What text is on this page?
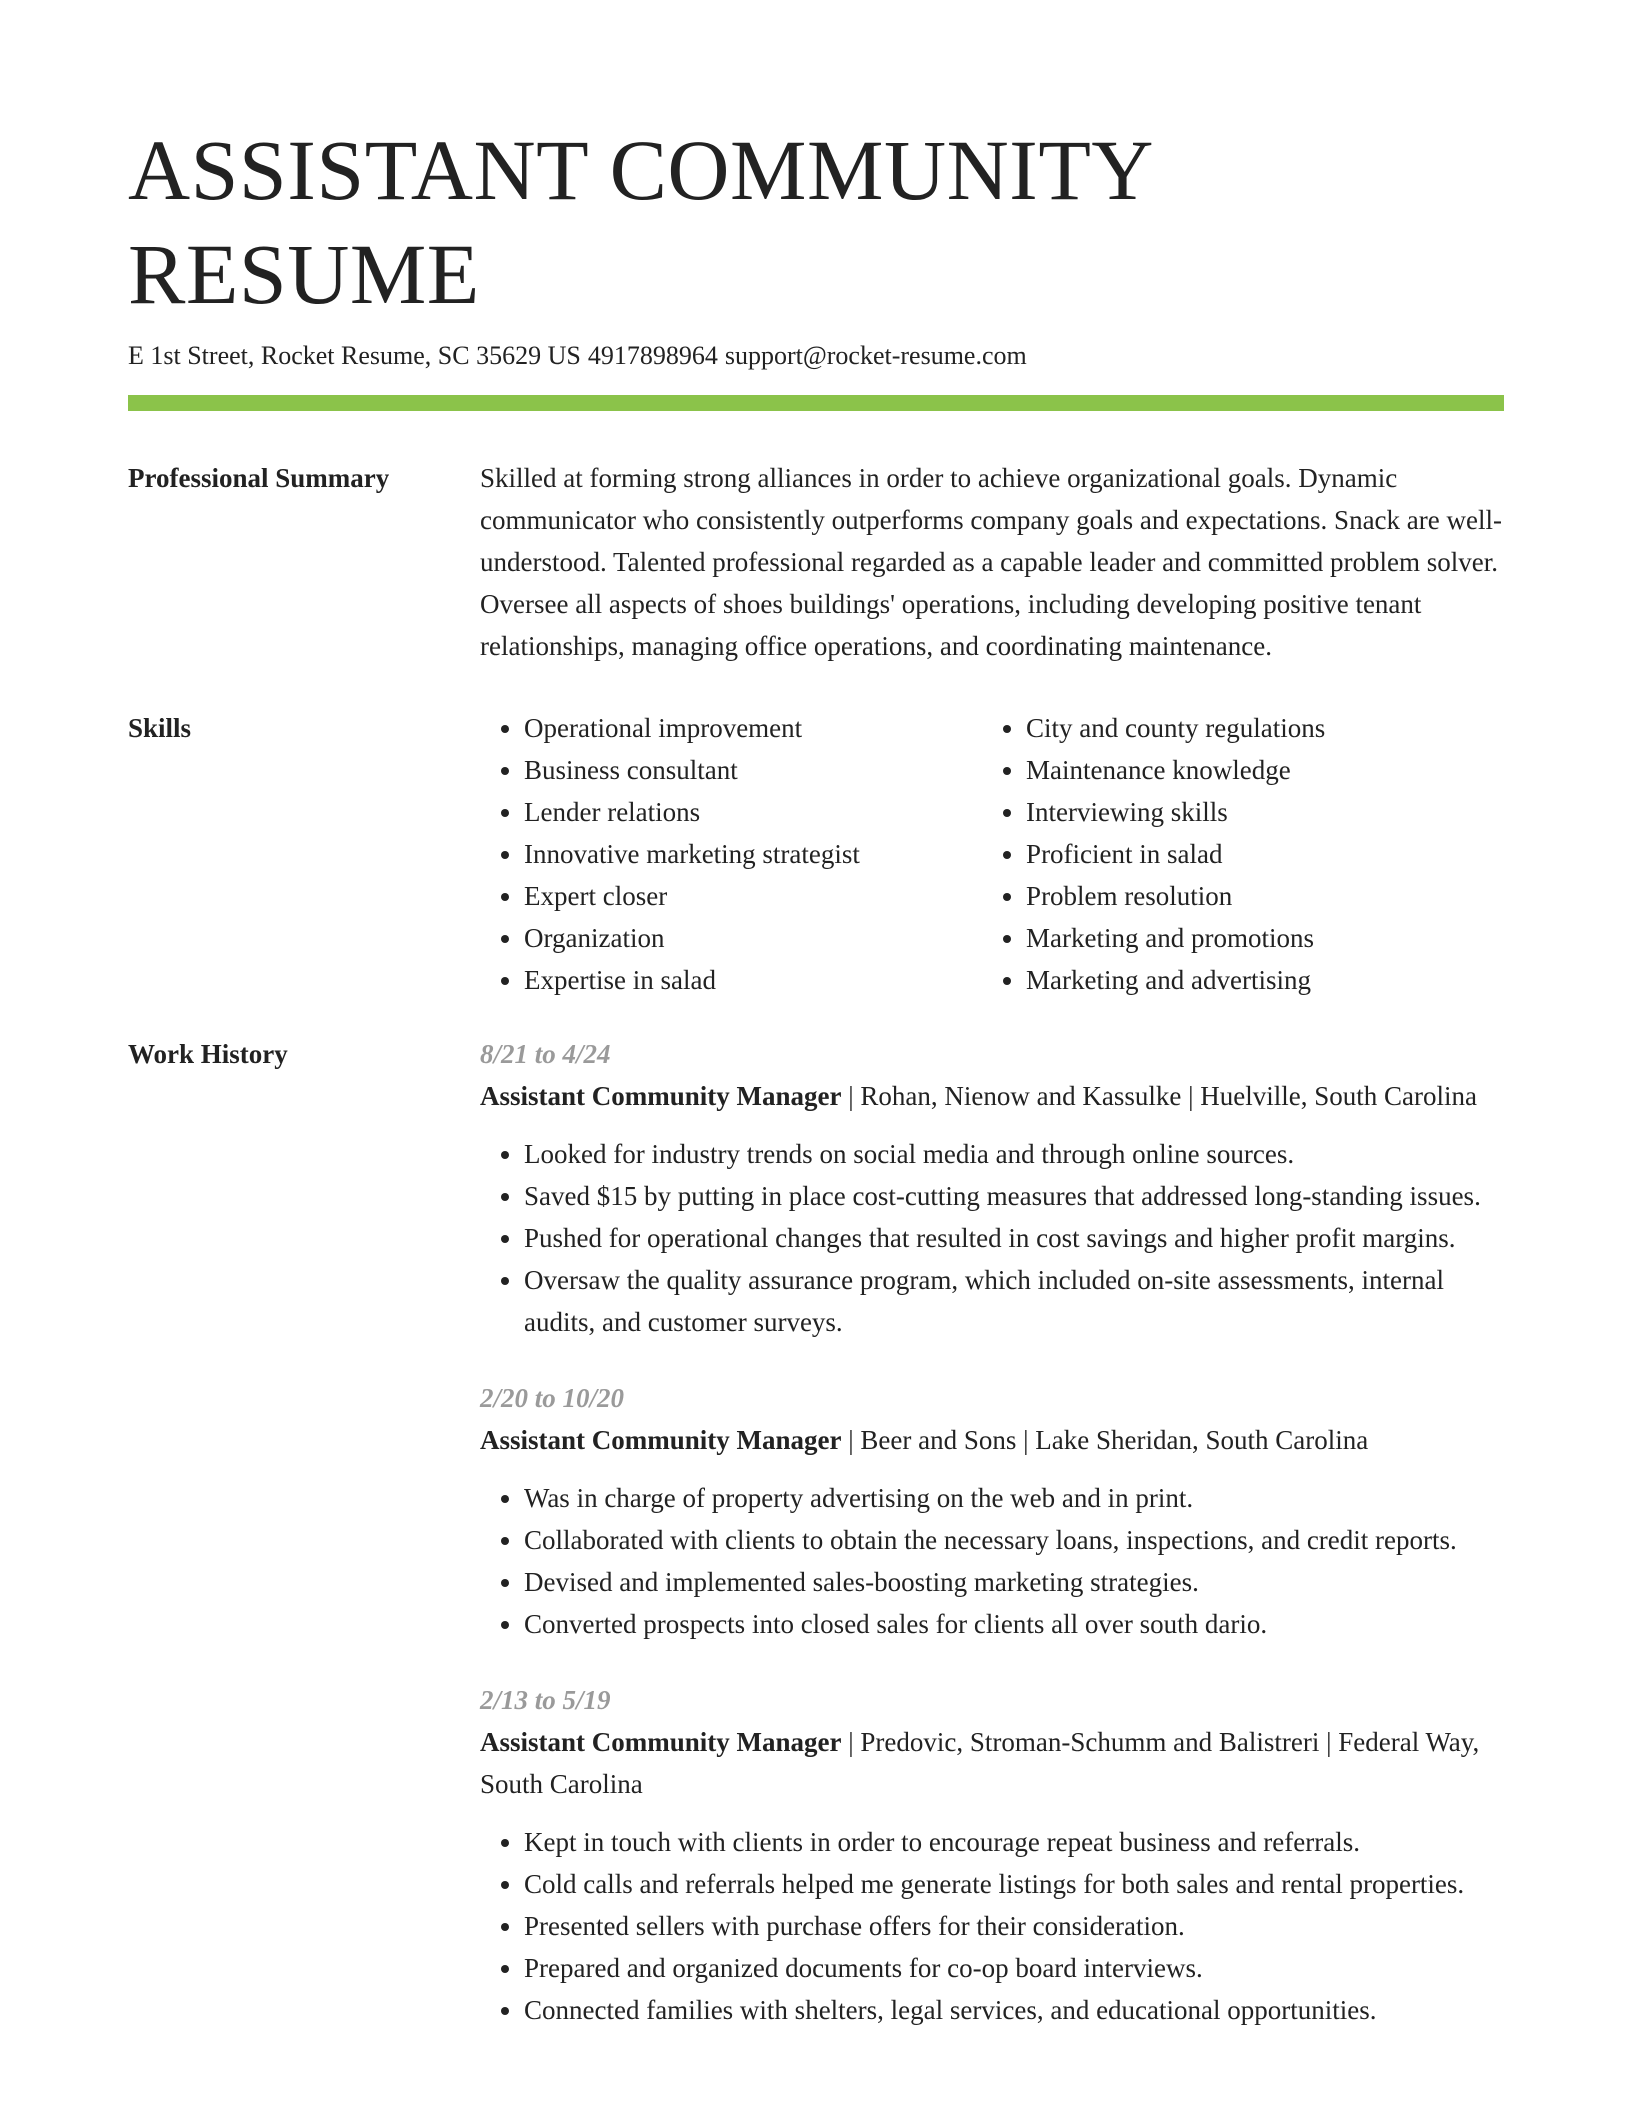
ASSISTANT COMMUNITY RESUME
E 1st Street, Rocket Resume, SC 35629 US 4917898964 support@rocket-resume.com
Professional Summary	Skilled at forming strong alliances in order to achieve organizational goals. Dynamic communicator who consistently outperforms company goals and expectations. Snack are well-understood. Talented professional regarded as a capable leader and committed problem solver. Oversee all aspects of shoes buildings' operations, including developing positive tenant relationships, managing office operations, and coordinating maintenance.

Skills
•	Operational improvement
• Business consultant
• Lender relations
• Innovative marketing strategist
• Expert closer
• Organization
• Expertise in salad
• City and county regulations
• Maintenance knowledge
• Interviewing skills
• Proficient in salad
• Problem resolution
• Marketing and promotions
• Marketing and advertising
Work History	8/21 to 4/24
Assistant Community Manager | Rohan, Nienow and Kassulke | Huelville, South Carolina
• Looked for industry trends on social media and through online sources.
• Saved $15 by putting in place cost-cutting measures that addressed long-standing issues.
• Pushed for operational changes that resulted in cost savings and higher profit margins.
• Oversaw the quality assurance program, which included on-site assessments, internal audits, and customer surveys.
2/20 to 10/20
Assistant Community Manager | Beer and Sons | Lake Sheridan, South Carolina
• Was in charge of property advertising on the web and in print.
• Collaborated with clients to obtain the necessary loans, inspections, and credit reports.
• Devised and implemented sales-boosting marketing strategies.
• Converted prospects into closed sales for clients all over south dario.
2/13 to 5/19
Assistant Community Manager | Predovic, Stroman-Schumm and Balistreri | Federal Way, South Carolina
• Kept in touch with clients in order to encourage repeat business and referrals.
• Cold calls and referrals helped me generate listings for both sales and rental properties.
• Presented sellers with purchase offers for their consideration.
• Prepared and organized documents for co-op board interviews.
• Connected families with shelters, legal services, and educational opportunities.
